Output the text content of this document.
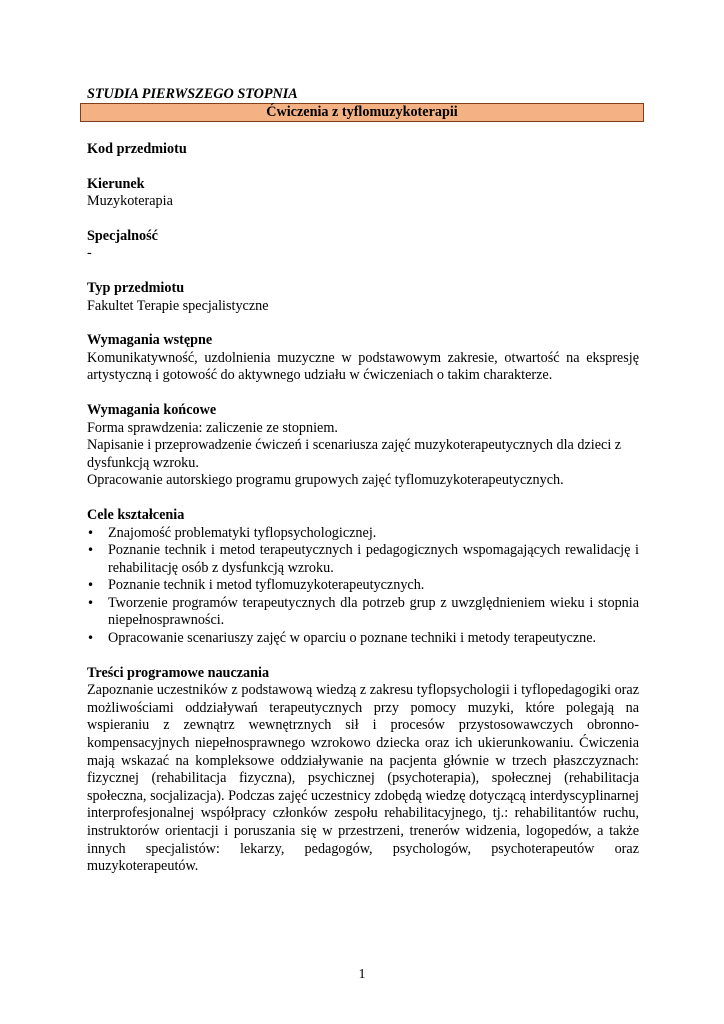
STUDIA PIERWSZEGO STOPNIA

Ćwiczenia z tyflomuzykoterapii

Kod przedmiotu

Kierunek

Muzykoterapia

Specjalność

-

Typ przedmiotu

Fakultet Terapie specjalistyczne

Wymagania wstępne

Komunikatywność, uzdolnienia muzyczne w podstawowym zakresie, otwartość na ekspresję artystyczną i gotowość do aktywnego udziału w ćwiczeniach o takim charakterze.

Wymagania końcowe

Forma sprawdzenia: zaliczenie ze stopniem.

Napisanie i przeprowadzenie ćwiczeń i scenariusza zajęć muzykoterapeutycznych dla dzieci z dysfunkcją wzroku.

Opracowanie autorskiego programu grupowych zajęć tyflomuzykoterapeutycznych.

Cele kształcenia

• Znajomość problematyki tyflopsychologicznej.
• Poznanie technik i metod terapeutycznych i pedagogicznych wspomagających rewalidację i rehabilitację osób z dysfunkcją wzroku.
• Poznanie technik i metod tyflomuzykoterapeutycznych.
• Tworzenie programów terapeutycznych dla potrzeb grup z uwzględnieniem wieku i stopnia niepełnosprawności.
• Opracowanie scenariuszy zajęć w oparciu o poznane techniki i metody terapeutyczne.

Treści programowe nauczania

Zapoznanie uczestników z podstawową wiedzą z zakresu tyflopsychologii i tyflopedagogiki oraz możliwościami oddziaływań terapeutycznych przy pomocy muzyki, które polegają na wspieraniu z zewnątrz wewnętrznych sił i procesów przystosowawczych obronno-kompensacyjnych niepełnosprawnego wzrokowo dziecka oraz ich ukierunkowaniu. Ćwiczenia mają wskazać na kompleksowe oddziaływanie na pacjenta głównie w trzech płaszczyznach: fizycznej (rehabilitacja fizyczna), psychicznej (psychoterapia), społecznej (rehabilitacja społeczna, socjalizacja). Podczas zajęć uczestnicy zdobędą wiedzę dotyczącą interdyscyplinarnej interprofesjonalnej współpracy członków zespołu rehabilitacyjnego, tj.: rehabilitantów ruchu, instruktorów orientacji i poruszania się w przestrzeni, trenerów widzenia, logopedów, a także innych specjalistów: lekarzy, pedagogów, psychologów, psychoterapeutów oraz muzykoterapeutów.

1
